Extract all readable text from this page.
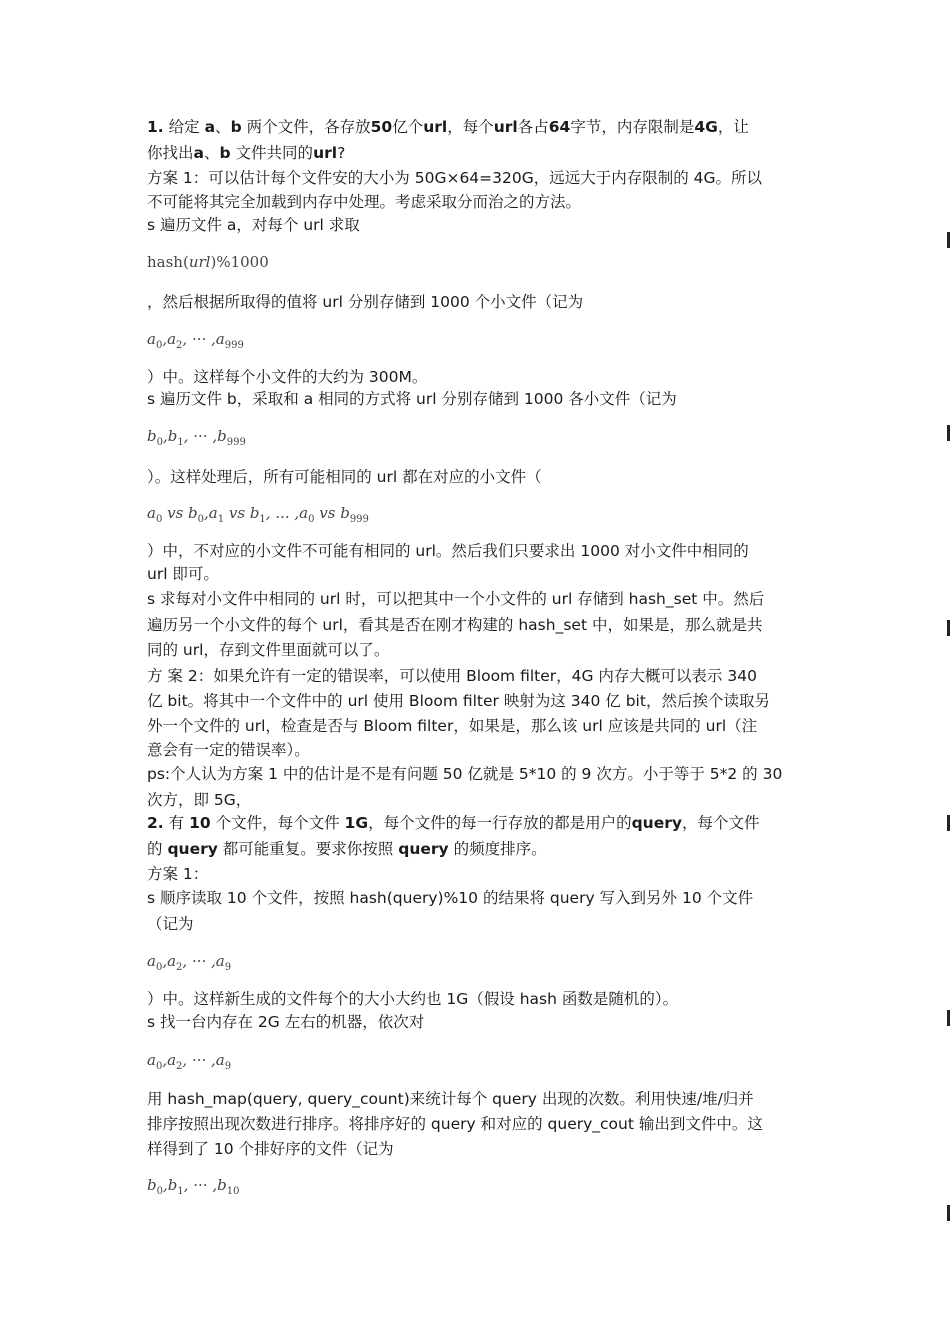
1. 给定 a、b 两个文件，各存放50亿个url，每个url各占64字节，内存限制是4G，让
你找出a、b 文件共同的url?
方案 1：可以估计每个文件安的大小为 50G×64=320G，远远大于内存限制的 4G。所以
不可能将其完全加载到内存中处理。考虑采取分而治之的方法。
s 遍历文件 a，对每个 url 求取
hash(url)%1000
，然后根据所取得的值将 url 分别存储到 1000 个小文件（记为
$a_0,a_2$, ··· $,a_{999}$
）中。这样每个小文件的大约为 300M。
s 遍历文件 b，采取和 a 相同的方式将 url 分别存储到 1000 各小文件（记为
$b_0,b_1$, ··· $,b_{999}$
）。这样处理后，所有可能相同的 url 都在对应的小文件（
$a_0$ vs $b_0,a_1$ vs $b_1$, ... $,a_0$ vs $b_{999}$
）中，不对应的小文件不可能有相同的 url。然后我们只要求出 1000 对小文件中相同的
url 即可。
s 求每对小文件中相同的 url 时，可以把其中一个小文件的 url 存储到 hash_set 中。然后
遍历另一个小文件的每个 url，看其是否在刚才构建的 hash_set 中，如果是，那么就是共
同的 url，存到文件里面就可以了。
方 案 2：如果允许有一定的错误率，可以使用 Bloom filter，4G 内存大概可以表示 340
亿 bit。将其中一个文件中的 url 使用 Bloom filter 映射为这 340 亿 bit，然后挨个读取另
外一个文件的 url，检查是否与 Bloom filter，如果是，那么该 url 应该是共同的 url（注
意会有一定的错误率）。
ps:个人认为方案 1 中的估计是不是有问题 50 亿就是 5*10 的 9 次方。小于等于 5*2 的 30
次方，即 5G，
2. 有 10 个文件，每个文件 1G，每个文件的每一行存放的都是用户的query，每个文件
的 query 都可能重复。要求你按照 query 的频度排序。
方案 1：
s 顺序读取 10 个文件，按照 hash(query)%10 的结果将 query 写入到另外 10 个文件
（记为
$a_0,a_2$, ··· $,a_9$
）中。这样新生成的文件每个的大小大约也 1G（假设 hash 函数是随机的）。
s 找一台内存在 2G 左右的机器，依次对
$a_0,a_2$, ··· $,a_9$
用 hash_map(query, query_count)来统计每个 query 出现的次数。利用快速/堆/归并
排序按照出现次数进行排序。将排序好的 query 和对应的 query_cout 输出到文件中。这
样得到了 10 个排好序的文件（记为
$b_0,b_1$, ··· $,b_{10}$
